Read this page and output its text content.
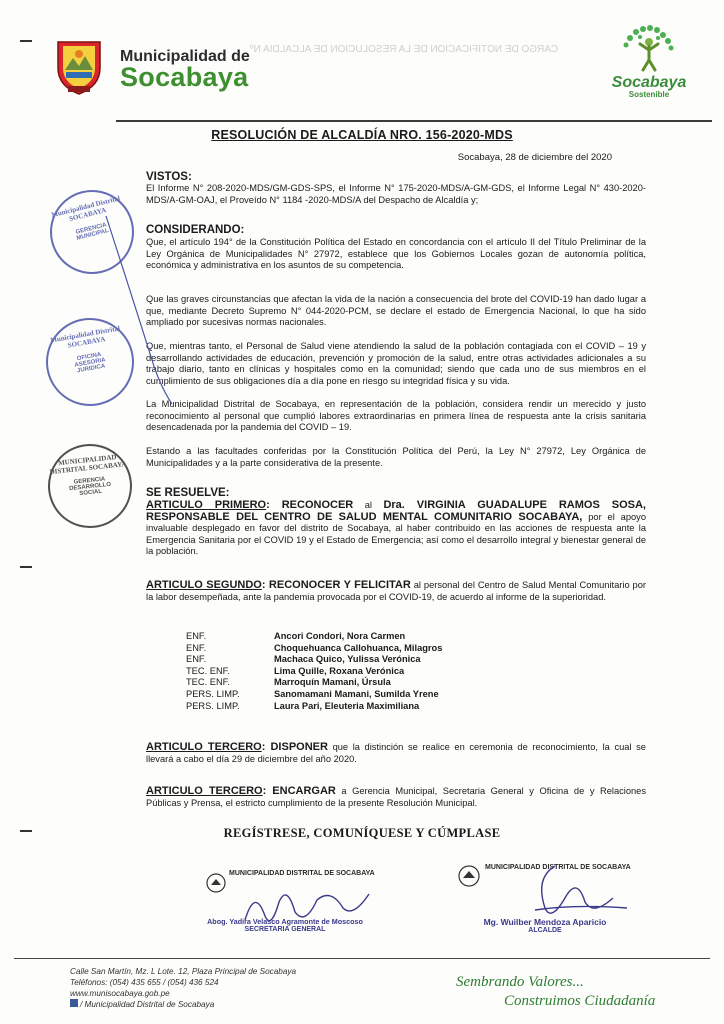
Municipalidad de
Socabaya
CARGO DE NOTIFICACION DE LA RESOLUCION DE ALCALDIA Nº
Socabaya
Sostenible
RESOLUCIÓN DE ALCALDÍA NRO. 156-2020-MDS
Socabaya, 28 de diciembre del 2020
VISTOS:
El Informe N° 208-2020-MDS/GM-GDS-SPS, el Informe N° 175-2020-MDS/A-GM-GDS, el Informe Legal N° 430-2020-MDS/A-GM-OAJ, el Proveído N° 1184 -2020-MDS/A del Despacho de Alcaldía y;
CONSIDERANDO:
Que, el artículo 194° de la Constitución Política del Estado en concordancia con el artículo II del Título Preliminar de la Ley Orgánica de Municipalidades N° 27972, establece que los Gobiernos Locales gozan de autonomía política, económica y administrativa en los asuntos de su competencia.
Que las graves circunstancias que afectan la vida de la nación a consecuencia del brote del COVID-19 han dado lugar a que, mediante Decreto Supremo N° 044-2020-PCM, se declare el estado de Emergencia Nacional, lo que ha sido ampliado por sucesivas normas nacionales.
Que, mientras tanto, el Personal de Salud viene atendiendo la salud de la población contagiada con el COVID – 19 y desarrollando actividades de educación, prevención y promoción de la salud, entre otras actividades adicionales a su trabajo diario, tanto en clínicas y hospitales como en la comunidad; siendo que cada uno de sus miembros en el cumplimiento de sus obligaciones día a día pone en riesgo su integridad física y su vida.
La Municipalidad Distrital de Socabaya, en representación de la población, considera rendir un merecido y justo reconocimiento al personal que cumplió labores extraordinarias en primera línea de respuesta ante la crisis sanitaria desencadenada por la pandemia del COVID – 19.
Estando a las facultades conferidas por la Constitución Política del Perú, la Ley N° 27972, Ley Orgánica de Municipalidades y a la parte considerativa de la presente.
SE RESUELVE:
ARTICULO PRIMERO: RECONOCER al Dra. VIRGINIA GUADALUPE RAMOS SOSA, RESPONSABLE DEL CENTRO DE SALUD MENTAL COMUNITARIO SOCABAYA, por el apoyo invaluable desplegado en favor del distrito de Socabaya, al haber contribuido en las acciones de respuesta ante la Emergencia Sanitaria por el COVID 19 y el Estado de Emergencia; así como el desarrollo integral y bienestar general de la población.
ARTICULO SEGUNDO: RECONOCER Y FELICITAR al personal del Centro de Salud Mental Comunitario por la labor desempeñada, ante la pandemia provocada por el COVID-19, de acuerdo al informe de la superioridad.
ENF.	Ancori Condori, Nora Carmen
ENF.	Choquehuanca Callohuanca, Milagros
ENF.	Machaca Quico, Yulissa Verónica
TEC. ENF.	Lima Quille, Roxana Verónica
TEC. ENF.	Marroquín Mamani, Úrsula
PERS. LIMP.	Sanomamani Mamani, Sumilda Yrene
PERS. LIMP.	Laura Pari, Eleuteria Maximiliana
ARTICULO TERCERO: DISPONER que la distinción se realice en ceremonia de reconocimiento, la cual se llevará a cabo el día 29 de diciembre del año 2020.
ARTICULO TERCERO: ENCARGAR a Gerencia Municipal, Secretaria General y Oficina de y Relaciones Públicas y Prensa, el estricto cumplimiento de la presente Resolución Municipal.
REGÍSTRESE, COMUNÍQUESE Y CÚMPLASE
Municipalidad Distrital SOCABAYA
GERENCIA MUNICIPAL
Municipalidad Distrital SOCABAYA
OFICINA ASESORIA JURIDICA
MUNICIPALIDAD DISTRITAL SOCABAYA
GERENCIA DESARROLLO SOCIAL
MUNICIPALIDAD DISTRITAL DE SOCABAYA
Abog. Yadira Velasco Agramonte de Moscoso
SECRETARIA GENERAL
MUNICIPALIDAD DISTRITAL DE SOCABAYA
Mg. Wuilber Mendoza Aparicio
ALCALDE
Calle San Martín, Mz. L Lote. 12, Plaza Principal de Socabaya
Teléfonos: (054) 435 655 / (054) 436 524
www.munisocabaya.gob.pe
/ Municipalidad Distrital de Socabaya
Sembrando Valores...
Construimos Ciudadanía
